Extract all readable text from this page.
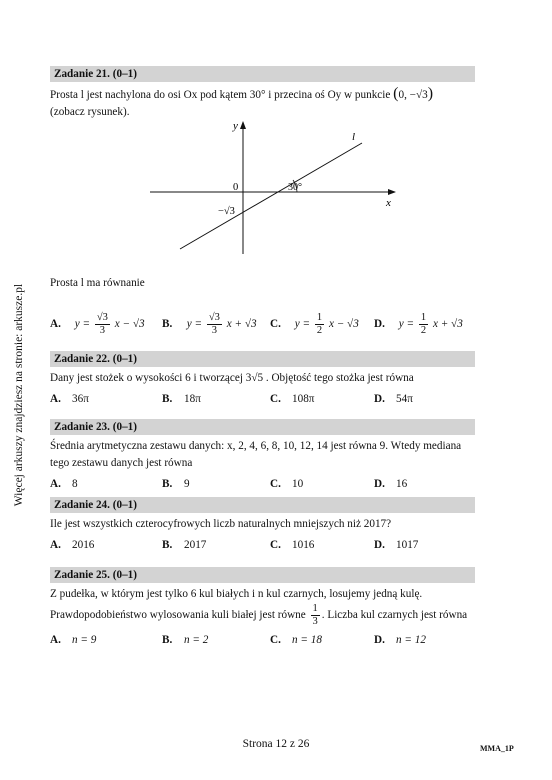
Więcej arkuszy znajdziesz na stronie: arkusze.pl
Zadanie 21. (0–1)
Prosta l jest nachylona do osi Ox pod kątem 30° i przecina oś Oy w punkcie (0, −√3)
(zobacz rysunek).
y
x
l
0	30°
−√3
Prosta l ma równanie
A. $y = \frac{√3}{3}$ x − √3 B. $y = \frac{√3}{3}$ x + √3 C. $y = \frac{1}{2}$ x − √3 D. $y = \frac{1}{2}$ x + √3
Zadanie 22. (0–1)
Dany jest stożek o wysokości 6 i tworzącej 3√5 . Objętość tego stożka jest równa
A. 36π	B. 18π	C. 108π	D. 54π
Zadanie 23. (0–1)
Średnia arytmetyczna zestawu danych: x, 2, 4, 6, 8, 10, 12, 14 jest równa 9. Wtedy mediana
tego zestawu danych jest równa
A. 8	B. 9	C. 10	D. 16
Zadanie 24. (0–1)
Ile jest wszystkich czterocyfrowych liczb naturalnych mniejszych niż 2017?
A. 2016	B. 2017	C. 1016	D. 1017
Zadanie 25. (0–1)
Z pudełka, w którym jest tylko 6 kul białych i n kul czarnych, losujemy jedną kulę.
Prawdopodobieństwo wylosowania kuli białej jest równe $\frac{1}{3}$ . Liczba kul czarnych jest równa
A. n = 9	B. n = 2	C. n = 18	D. n = 12
Strona 12 z 26	MMA_1P
